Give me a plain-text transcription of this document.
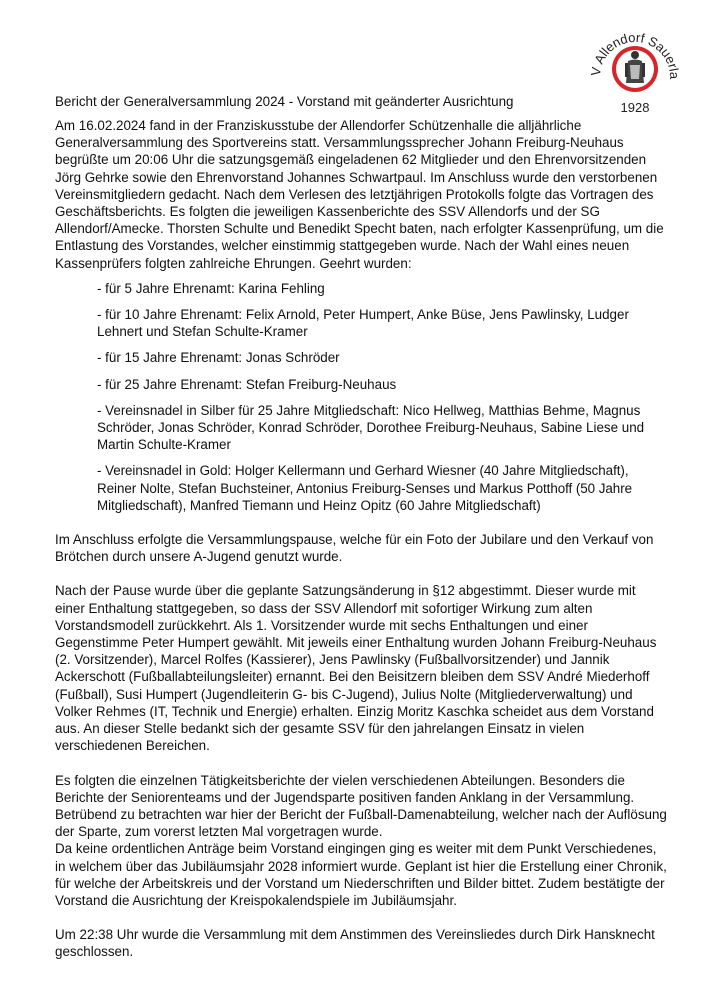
V Allendorf Sauerla
1928

Bericht der Generalversammlung 2024 - Vorstand mit geänderter Ausrichtung

Am 16.02.2024 fand in der Franziskusstube der Allendorfer Schützenhalle die alljährliche Generalversammlung des Sportvereins statt. Versammlungssprecher Johann Freiburg-Neuhaus begrüßte um 20:06 Uhr die satzungsgemäß eingeladenen 62 Mitglieder und den Ehrenvorsitzenden Jörg Gehrke sowie den Ehrenvorstand Johannes Schwartpaul. Im Anschluss wurde den verstorbenen Vereinsmitgliedern gedacht. Nach dem Verlesen des letztjährigen Protokolls folgte das Vortragen des Geschäftsberichts. Es folgten die jeweiligen Kassenberichte des SSV Allendorfs und der SG Allendorf/Amecke. Thorsten Schulte und Benedikt Specht baten, nach erfolgter Kassenprüfung, um die Entlastung des Vorstandes, welcher einstimmig stattgegeben wurde. Nach der Wahl eines neuen Kassenprüfers folgten zahlreiche Ehrungen. Geehrt wurden:

- für 5 Jahre Ehrenamt: Karina Fehling
- für 10 Jahre Ehrenamt: Felix Arnold, Peter Humpert, Anke Büse, Jens Pawlinsky, Ludger Lehnert und Stefan Schulte-Kramer
- für 15 Jahre Ehrenamt: Jonas Schröder
- für 25 Jahre Ehrenamt: Stefan Freiburg-Neuhaus
- Vereinsnadel in Silber für 25 Jahre Mitgliedschaft: Nico Hellweg, Matthias Behme, Magnus Schröder, Jonas Schröder, Konrad Schröder, Dorothee Freiburg-Neuhaus, Sabine Liese und Martin Schulte-Kramer
- Vereinsnadel in Gold: Holger Kellermann und Gerhard Wiesner (40 Jahre Mitgliedschaft), Reiner Nolte, Stefan Buchsteiner, Antonius Freiburg-Senses und Markus Potthoff (50 Jahre Mitgliedschaft), Manfred Tiemann und Heinz Opitz (60 Jahre Mitgliedschaft)

Im Anschluss erfolgte die Versammlungspause, welche für ein Foto der Jubilare und den Verkauf von Brötchen durch unsere A-Jugend genutzt wurde.

Nach der Pause wurde über die geplante Satzungsänderung in §12 abgestimmt. Dieser wurde mit einer Enthaltung stattgegeben, so dass der SSV Allendorf mit sofortiger Wirkung zum alten Vorstandsmodell zurückkehrt. Als 1. Vorsitzender wurde mit sechs Enthaltungen und einer Gegenstimme Peter Humpert gewählt. Mit jeweils einer Enthaltung wurden Johann Freiburg-Neuhaus (2. Vorsitzender), Marcel Rolfes (Kassierer), Jens Pawlinsky (Fußballvorsitzender) und Jannik Ackerschott (Fußballabteilungsleiter) ernannt. Bei den Beisitzern bleiben dem SSV André Miederhoff (Fußball), Susi Humpert (Jugendleiterin G- bis C-Jugend), Julius Nolte (Mitgliederverwaltung) und Volker Rehmes (IT, Technik und Energie) erhalten. Einzig Moritz Kaschka scheidet aus dem Vorstand aus. An dieser Stelle bedankt sich der gesamte SSV für den jahrelangen Einsatz in vielen verschiedenen Bereichen.

Es folgten die einzelnen Tätigkeitsberichte der vielen verschiedenen Abteilungen. Besonders die Berichte der Seniorenteams und der Jugendsparte positiven fanden Anklang in der Versammlung. Betrübend zu betrachten war hier der Bericht der Fußball-Damenabteilung, welcher nach der Auflösung der Sparte, zum vorerst letzten Mal vorgetragen wurde.

Da keine ordentlichen Anträge beim Vorstand eingingen ging es weiter mit dem Punkt Verschiedenes, in welchem über das Jubiläumsjahr 2028 informiert wurde. Geplant ist hier die Erstellung einer Chronik, für welche der Arbeitskreis und der Vorstand um Niederschriften und Bilder bittet. Zudem bestätigte der Vorstand die Ausrichtung der Kreispokalendspiele im Jubiläumsjahr.

Um 22:38 Uhr wurde die Versammlung mit dem Anstimmen des Vereinsliedes durch Dirk Hansknecht geschlossen.
